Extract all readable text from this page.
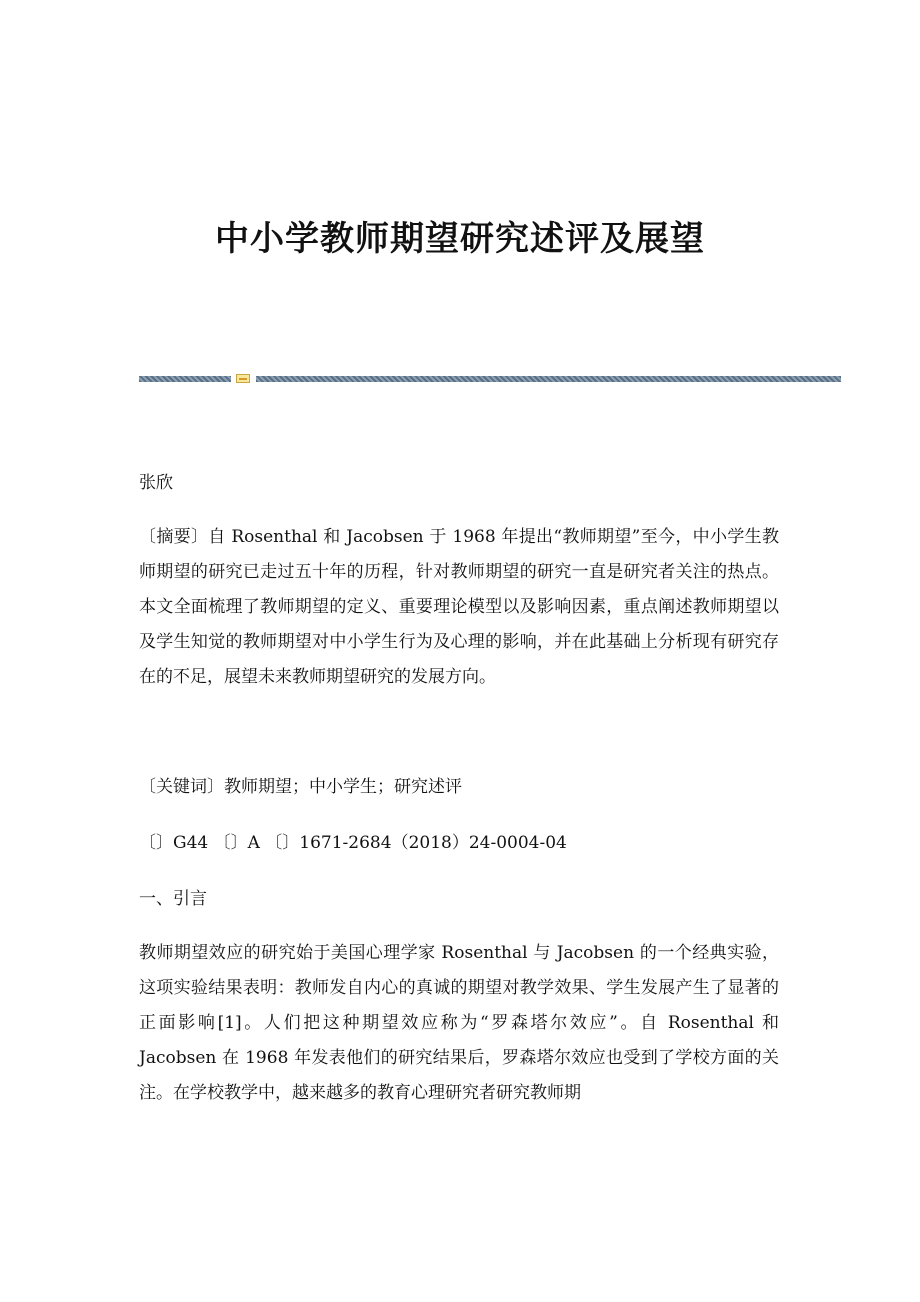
中小学教师期望研究述评及展望

张欣

〔摘要〕自 Rosenthal 和 Jacobsen 于 1968 年提出“教师期望”至今，中小学生教师期望的研究已走过五十年的历程，针对教师期望的研究一直是研究者关注的热点。本文全面梳理了教师期望的定义、重要理论模型以及影响因素，重点阐述教师期望以及学生知觉的教师期望对中小学生行为及心理的影响，并在此基础上分析现有研究存在的不足，展望未来教师期望研究的发展方向。

〔关键词〕教师期望；中小学生；研究述评

〔〕G44 〔〕A 〔〕1671-2684（2018）24-0004-04

一、引言

教师期望效应的研究始于美国心理学家 Rosenthal 与 Jacobsen 的一个经典实验，这项实验结果表明：教师发自内心的真诚的期望对教学效果、学生发展产生了显著的正面影响[1]。人们把这种期望效应称为“罗森塔尔效应”。自 Rosenthal 和 Jacobsen 在 1968 年发表他们的研究结果后，罗森塔尔效应也受到了学校方面的关注。在学校教学中，越来越多的教育心理研究者研究教师期
